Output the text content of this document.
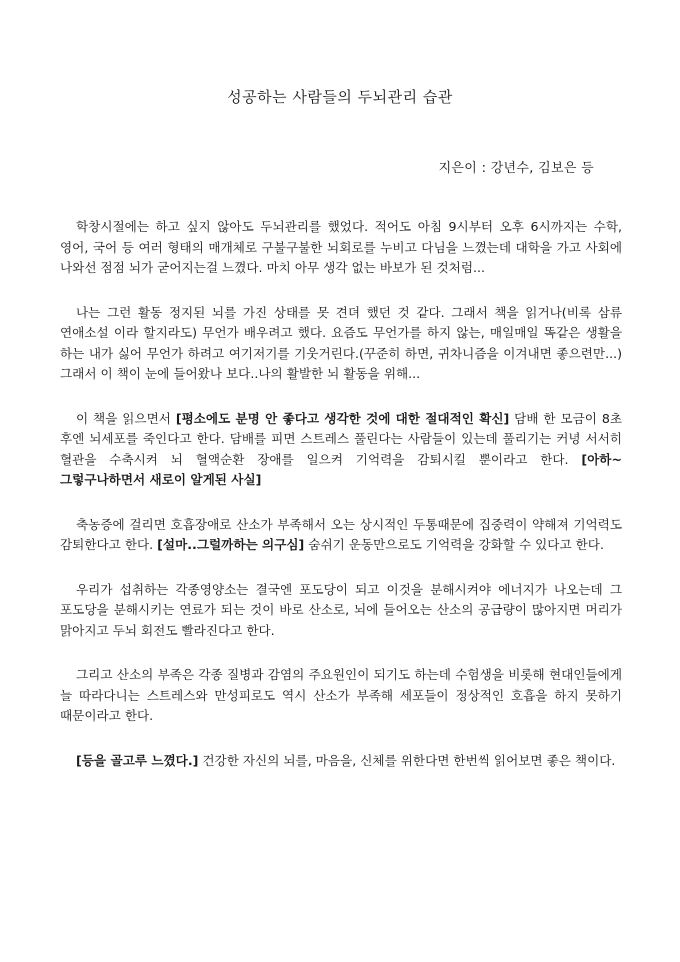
성공하는 사람들의 두뇌관리 습관
지은이 : 강년수, 김보은 등

학창시절에는 하고 싶지 않아도 두뇌관리를 했었다. 적어도 아침 9시부터 오후 6시까지는 수학, 영어, 국어 등 여러 형태의 매개체로 구불구불한 뇌회로를 누비고 다님을 느꼈는데 대학을 가고 사회에 나와선 점점 뇌가 굳어지는걸 느꼈다. 마치 아무 생각 없는 바보가 된 것처럼...

나는 그런 활동 정지된 뇌를 가진 상태를 못 견뎌 했던 것 같다. 그래서 책을 읽거나(비록 삼류 연애소설 이라 할지라도) 무언가 배우려고 했다. 요즘도 무언가를 하지 않는, 매일매일 똑같은 생활을 하는 내가 싫어 무언가 하려고 여기저기를 기웃거린다.(꾸준히 하면, 귀차니즘을 이겨내면 좋으련만...) 그래서 이 책이 눈에 들어왔나 보다..나의 활발한 뇌 활동을 위해...

이 책을 읽으면서 [평소에도 분명 안 좋다고 생각한 것에 대한 절대적인 확신] 담배 한 모금이 8초 후엔 뇌세포를 죽인다고 한다. 담배를 피면 스트레스 풀린다는 사람들이 있는데 풀리기는 커녕 서서히 혈관을 수축시켜 뇌 혈액순환 장애를 일으켜 기억력을 감퇴시킬 뿐이라고 한다. [아하~ 그렇구나하면서 새로이 알게된 사실]

축농증에 걸리면 호흡장애로 산소가 부족해서 오는 상시적인 두통때문에 집중력이 약해져 기억력도 감퇴한다고 한다. [설마..그럴까하는 의구심] 숨쉬기 운동만으로도 기억력을 강화할 수 있다고 한다.

우리가 섭취하는 각종영양소는 결국엔 포도당이 되고 이것을 분해시켜야 에너지가 나오는데 그 포도당을 분해시키는 연료가 되는 것이 바로 산소로, 뇌에 들어오는 산소의 공급량이 많아지면 머리가 맑아지고 두뇌 회전도 빨라진다고 한다.

그리고 산소의 부족은 각종 질병과 감염의 주요원인이 되기도 하는데 수험생을 비롯해 현대인들에게 늘 따라다니는 스트레스와 만성피로도 역시 산소가 부족해 세포들이 정상적인 호흡을 하지 못하기 때문이라고 한다.

[등을 골고루 느꼈다.] 건강한 자신의 뇌를, 마음을, 신체를 위한다면 한번씩 읽어보면 좋은 책이다.
